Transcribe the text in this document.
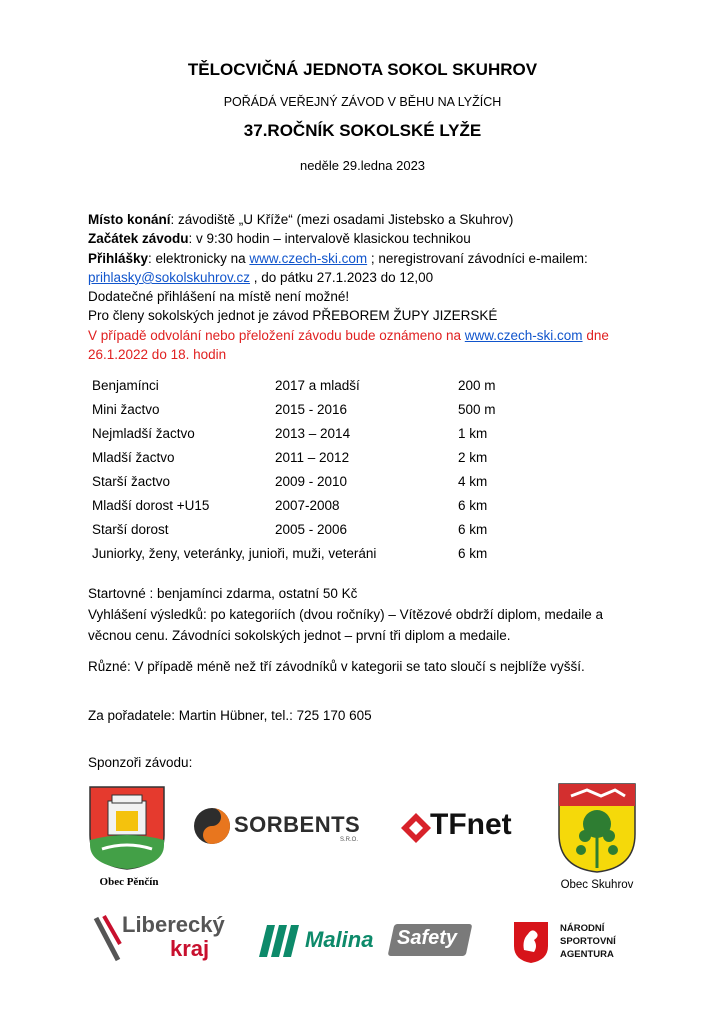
TĚLOCVIČNÁ JEDNOTA SOKOL SKUHROV
POŘÁDÁ VEŘEJNÝ ZÁVOD V BĚHU NA LYŽÍCH
37.ROČNÍK SOKOLSKÉ LYŽE
neděle 29.ledna 2023
Místo konání: závodiště „U Kříže“ (mezi osadami Jistebsko a Skuhrov)
Začátek závodu: v 9:30 hodin – intervalově klasickou technikou
Přihlášky: elektronicky na www.czech-ski.com ; neregistrovaní závodníci e-mailem:
prihlasky@sokolskuhrov.cz , do pátku 27.1.2023 do 12,00
Dodatečné přihlášení na místě není možné!
Pro členy sokolských jednot je závod PŘEBOREM ŽUPY JIZERSKÉ
V případě odvolání nebo přeložení závodu bude oznámeno na www.czech-ski.com dne
26.1.2022 do 18. hodin
Benjamínci	2017 a mladší	200 m
Mini žactvo	2015 - 2016	500 m
Nejmladší žactvo	2013 – 2014	1 km
Mladší žactvo	2011 – 2012	2 km
Starší žactvo	2009 - 2010	4 km
Mladší dorost +U15	2007-2008	6 km
Starší dorost	2005 - 2006	6 km
Juniorky, ženy, veteránky, junioři, muži, veteráni		6 km
Startovné : benjamínci zdarma, ostatní 50 Kč
Vyhlášení výsledků: po kategoriích (dvou ročníky) – Vítězové obdrží diplom, medaile a
věcnou cenu. Závodníci sokolských jednot – první tři diplom a medaile.
Různé: V případě méně než tří závodníků v kategorii se tato sloučí s nejblíže vyšší.
Za pořadatele: Martin Hübner, tel.: 725 170 605
Sponzoři závodu:
Obec Pěnčín
SORBENTS
S.R.O. TFnet
Obec Skuhrov
Liberecký
kraj	Malina Safety	NÁRODNÍ
SPORTOVNÍ
AGENTURA
